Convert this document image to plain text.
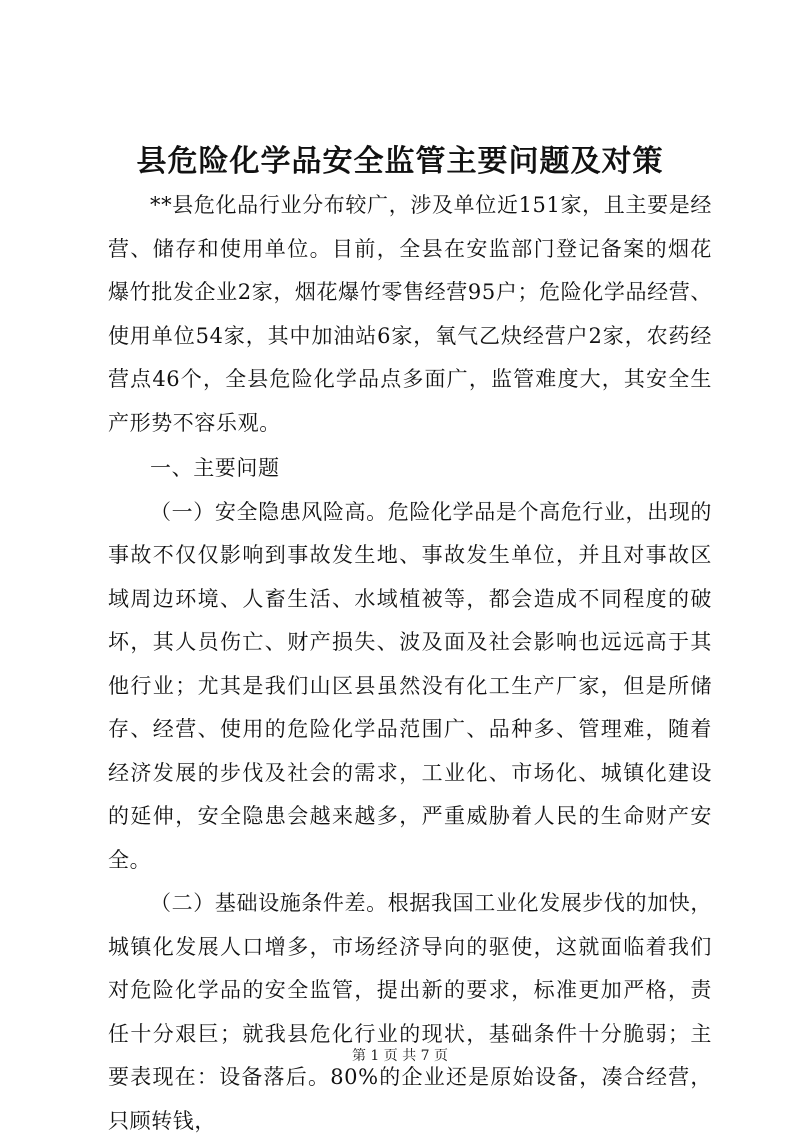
县危险化学品安全监管主要问题及对策

**县危化品行业分布较广，涉及单位近151家，且主要是经营、储存和使用单位。目前，全县在安监部门登记备案的烟花爆竹批发企业2家，烟花爆竹零售经营95户；危险化学品经营、使用单位54家，其中加油站6家，氧气乙炔经营户2家，农药经营点46个，全县危险化学品点多面广，监管难度大，其安全生产形势不容乐观。

一、主要问题

（一）安全隐患风险高。危险化学品是个高危行业，出现的事故不仅仅影响到事故发生地、事故发生单位，并且对事故区域周边环境、人畜生活、水域植被等，都会造成不同程度的破坏，其人员伤亡、财产损失、波及面及社会影响也远远高于其他行业；尤其是我们山区县虽然没有化工生产厂家，但是所储存、经营、使用的危险化学品范围广、品种多、管理难，随着经济发展的步伐及社会的需求，工业化、市场化、城镇化建设的延伸，安全隐患会越来越多，严重威胁着人民的生命财产安全。

（二）基础设施条件差。根据我国工业化发展步伐的加快，城镇化发展人口增多，市场经济导向的驱使，这就面临着我们对危险化学品的安全监管，提出新的要求，标准更加严格，责任十分艰巨；就我县危化行业的现状，基础条件十分脆弱；主要表现在：设备落后。80%的企业还是原始设备，凑合经营，只顾转钱，

第 1 页 共 7 页
